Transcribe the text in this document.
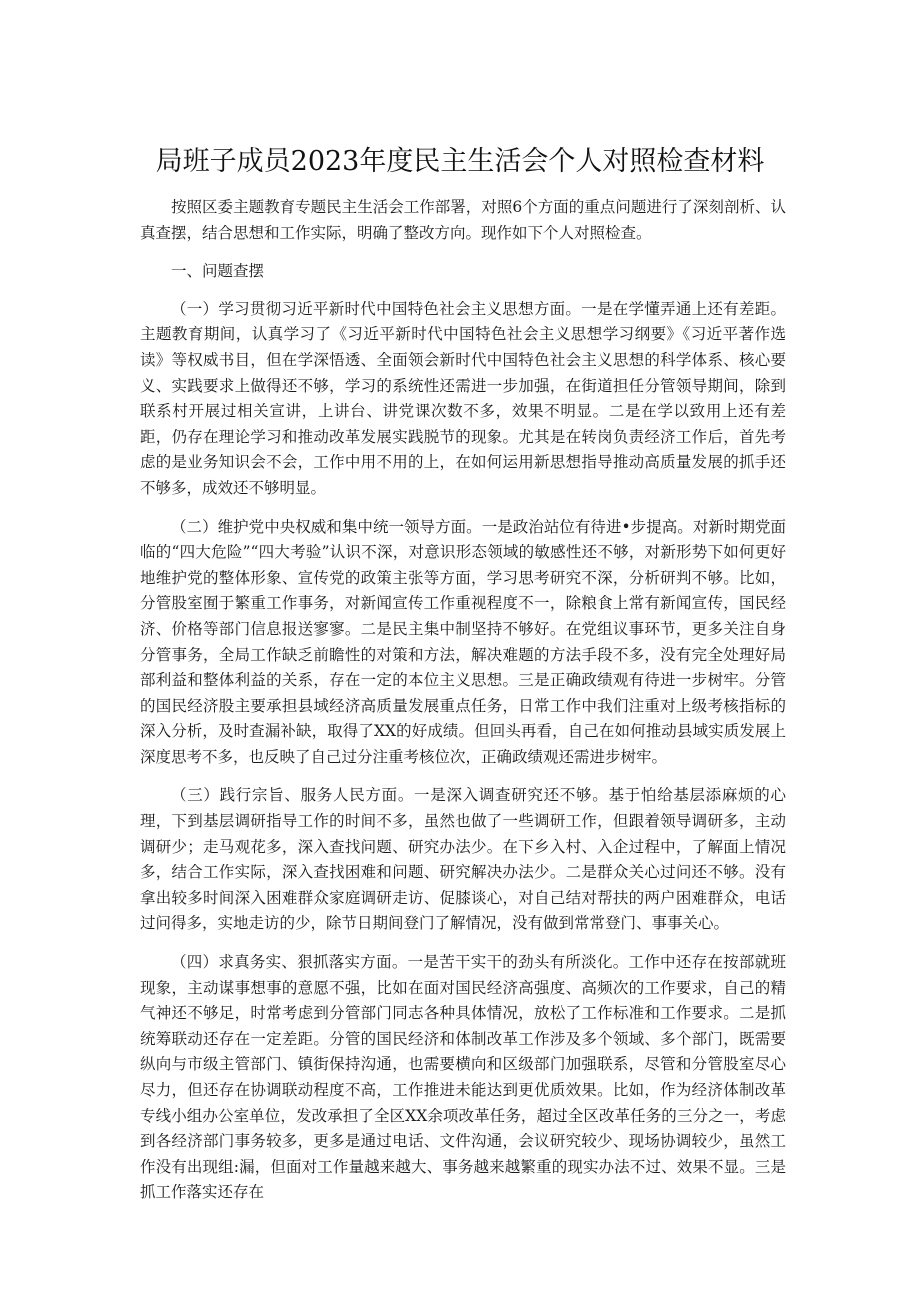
局班子成员2023年度民主生活会个人对照检查材料

按照区委主题教育专题民主生活会工作部署，对照6个方面的重点问题进行了深刻剖析、认真查摆，结合思想和工作实际，明确了整改方向。现作如下个人对照检查。

一、问题查摆

（一）学习贯彻习近平新时代中国特色社会主义思想方面。一是在学懂弄通上还有差距。主题教育期间，认真学习了《习近平新时代中国特色社会主义思想学习纲要》《习近平著作选读》等权威书目，但在学深悟透、全面领会新时代中国特色社会主义思想的科学体系、核心要义、实践要求上做得还不够，学习的系统性还需进一步加强，在街道担任分管领导期间，除到联系村开展过相关宣讲，上讲台、讲党课次数不多，效果不明显。二是在学以致用上还有差距，仍存在理论学习和推动改革发展实践脱节的现象。尤其是在转岗负责经济工作后，首先考虑的是业务知识会不会，工作中用不用的上，在如何运用新思想指导推动高质量发展的抓手还不够多，成效还不够明显。

（二）维护党中央权威和集中统一领导方面。一是政治站位有待进•步提高。对新时期党面临的“四大危险”“四大考验”认识不深，对意识形态领域的敏感性还不够，对新形势下如何更好地维护党的整体形象、宣传党的政策主张等方面，学习思考研究不深，分析研判不够。比如，分管股室囿于繁重工作事务，对新闻宣传工作重视程度不一，除粮食上常有新闻宣传，国民经济、价格等部门信息报送寥寥。二是民主集中制坚持不够好。在党组议事环节，更多关注自身分管事务，全局工作缺乏前瞻性的对策和方法，解决难题的方法手段不多，没有完全处理好局部利益和整体利益的关系，存在一定的本位主义思想。三是正确政绩观有待进一步树牢。分管的国民经济股主要承担县域经济高质量发展重点任务，日常工作中我们注重对上级考核指标的深入分析，及时查漏补缺，取得了XX的好成绩。但回头再看，自己在如何推动县域实质发展上深度思考不多，也反映了自己过分注重考核位次，正确政绩观还需进步树牢。

（三）践行宗旨、服务人民方面。一是深入调查研究还不够。基于怕给基层添麻烦的心理，下到基层调研指导工作的时间不多，虽然也做了一些调研工作，但跟着领导调研多，主动调研少；走马观花多，深入查找问题、研究办法少。在下乡入村、入企过程中，了解面上情况多，结合工作实际，深入查找困难和问题、研究解决办法少。二是群众关心过问还不够。没有拿出较多时间深入困难群众家庭调研走访、促膝谈心，对自己结对帮扶的两户困难群众，电话过问得多，实地走访的少，除节日期间登门了解情况，没有做到常常登门、事事关心。

（四）求真务实、狠抓落实方面。一是苦干实干的劲头有所淡化。工作中还存在按部就班现象，主动谋事想事的意愿不强，比如在面对国民经济高强度、高频次的工作要求，自己的精气神还不够足，时常考虑到分管部门同志各种具体情况，放松了工作标准和工作要求。二是抓统筹联动还存在一定差距。分管的国民经济和体制改革工作涉及多个领域、多个部门，既需要纵向与市级主管部门、镇街保持沟通，也需要横向和区级部门加强联系，尽管和分管股室尽心尽力，但还存在协调联动程度不高，工作推进未能达到更优质效果。比如，作为经济体制改革专线小组办公室单位，发改承担了全区XX余项改革任务，超过全区改革任务的三分之一，考虑到各经济部门事务较多，更多是通过电话、文件沟通，会议研究较少、现场协调较少，虽然工作没有出现组:漏，但面对工作量越来越大、事务越来越繁重的现实办法不过、效果不显。三是抓工作落实还存在
